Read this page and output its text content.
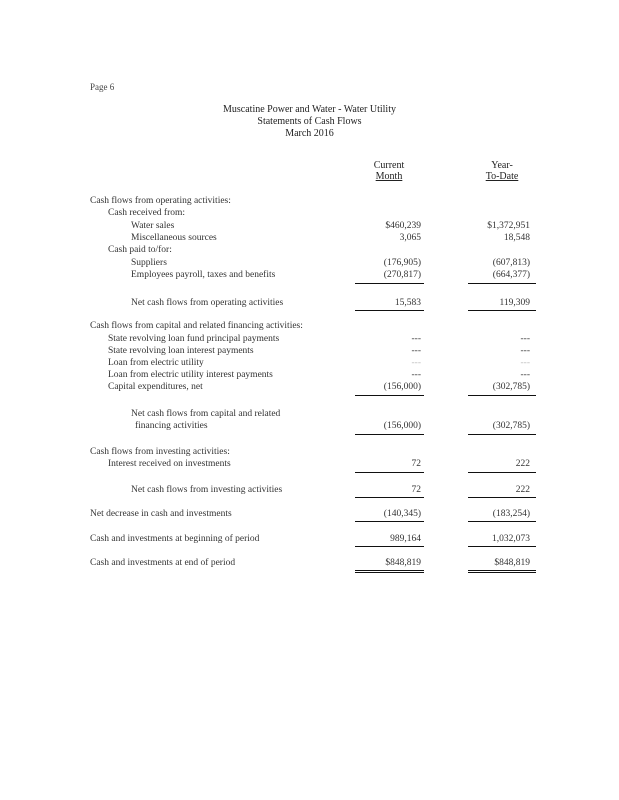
Page 6
Muscatine Power and Water - Water Utility
Statements of Cash Flows
March 2016
Current
Month
Year-
To-Date
Cash flows from operating activities:
Cash received from:
Water sales	$460,239	$1,372,951
Miscellaneous sources	3,065	18,548
Cash paid to/for:
Suppliers	(176,905)	(607,813)
Employees payroll, taxes and benefits	(270,817)	(664,377)
Net cash flows from operating activities	15,583	119,309
Cash flows from capital and related financing activities:
State revolving loan fund principal payments	---	---
State revolving loan interest payments	---	---
Loan from electric utility	---	---
Loan from electric utility interest payments	---	---
Capital expenditures, net	(156,000)	(302,785)
Net cash flows from capital and related
financing activities	(156,000)	(302,785)
Cash flows from investing activities:
Interest received on investments	72	222
Net cash flows from investing activities	72	222
Net decrease in cash and investments	(140,345)	(183,254)
Cash and investments at beginning of period	989,164	1,032,073
Cash and investments at end of period	$848,819	$848,819
